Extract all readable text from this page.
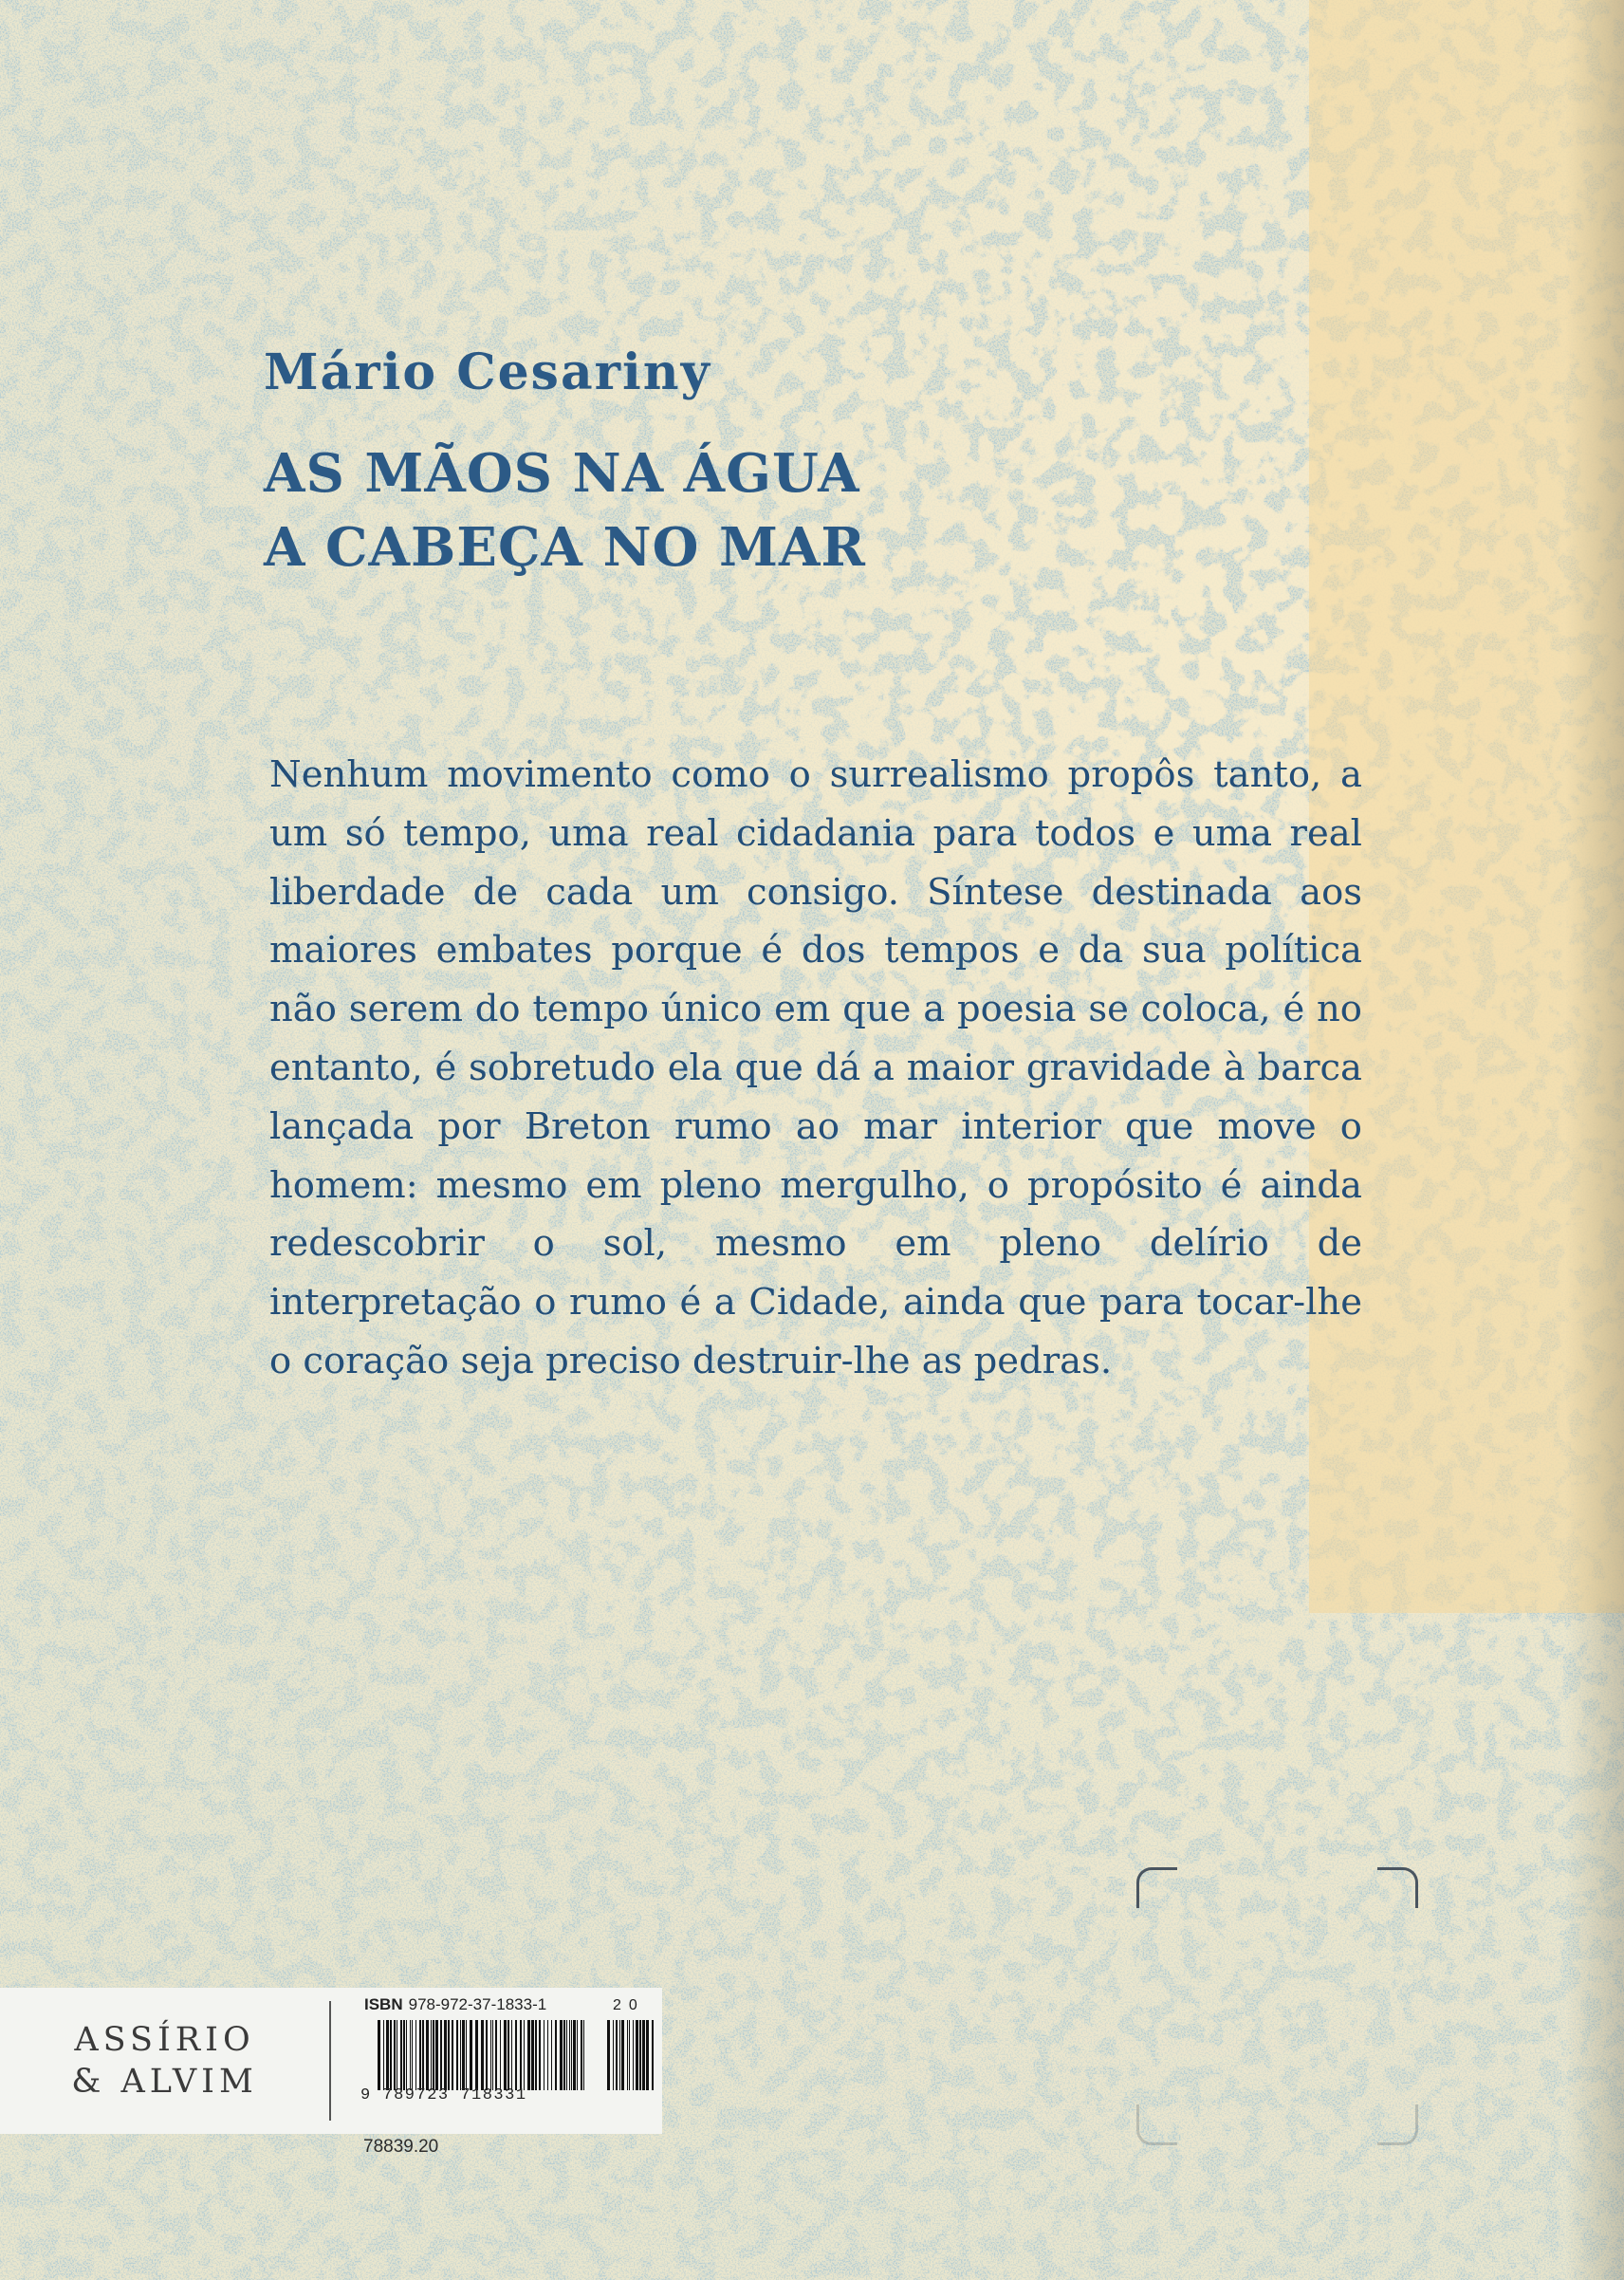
Mário Cesariny
AS MÃOS NA ÁGUA
A CABEÇA NO MAR

Nenhum movimento como o surrealismo propôs tanto, a um só tempo, uma real cidadania para todos e uma real liberdade de cada um consigo. Síntese destinada aos maiores embates porque é dos tempos e da sua política não serem do tempo único em que a poesia se coloca, é no entanto, é sobretudo ela que dá a maior gravidade à barca lançada por Breton rumo ao mar interior que move o homem: mesmo em pleno mergulho, o propósito é ainda redescobrir o sol, mesmo em pleno delírio de interpretação o rumo é a Cidade, ainda que para tocar-lhe o coração seja preciso destruir-lhe as pedras.

ASSÍRIO
& ALVIM
ISBN 978-972-37-1833-1	20
9 789723 718331
78839.20
